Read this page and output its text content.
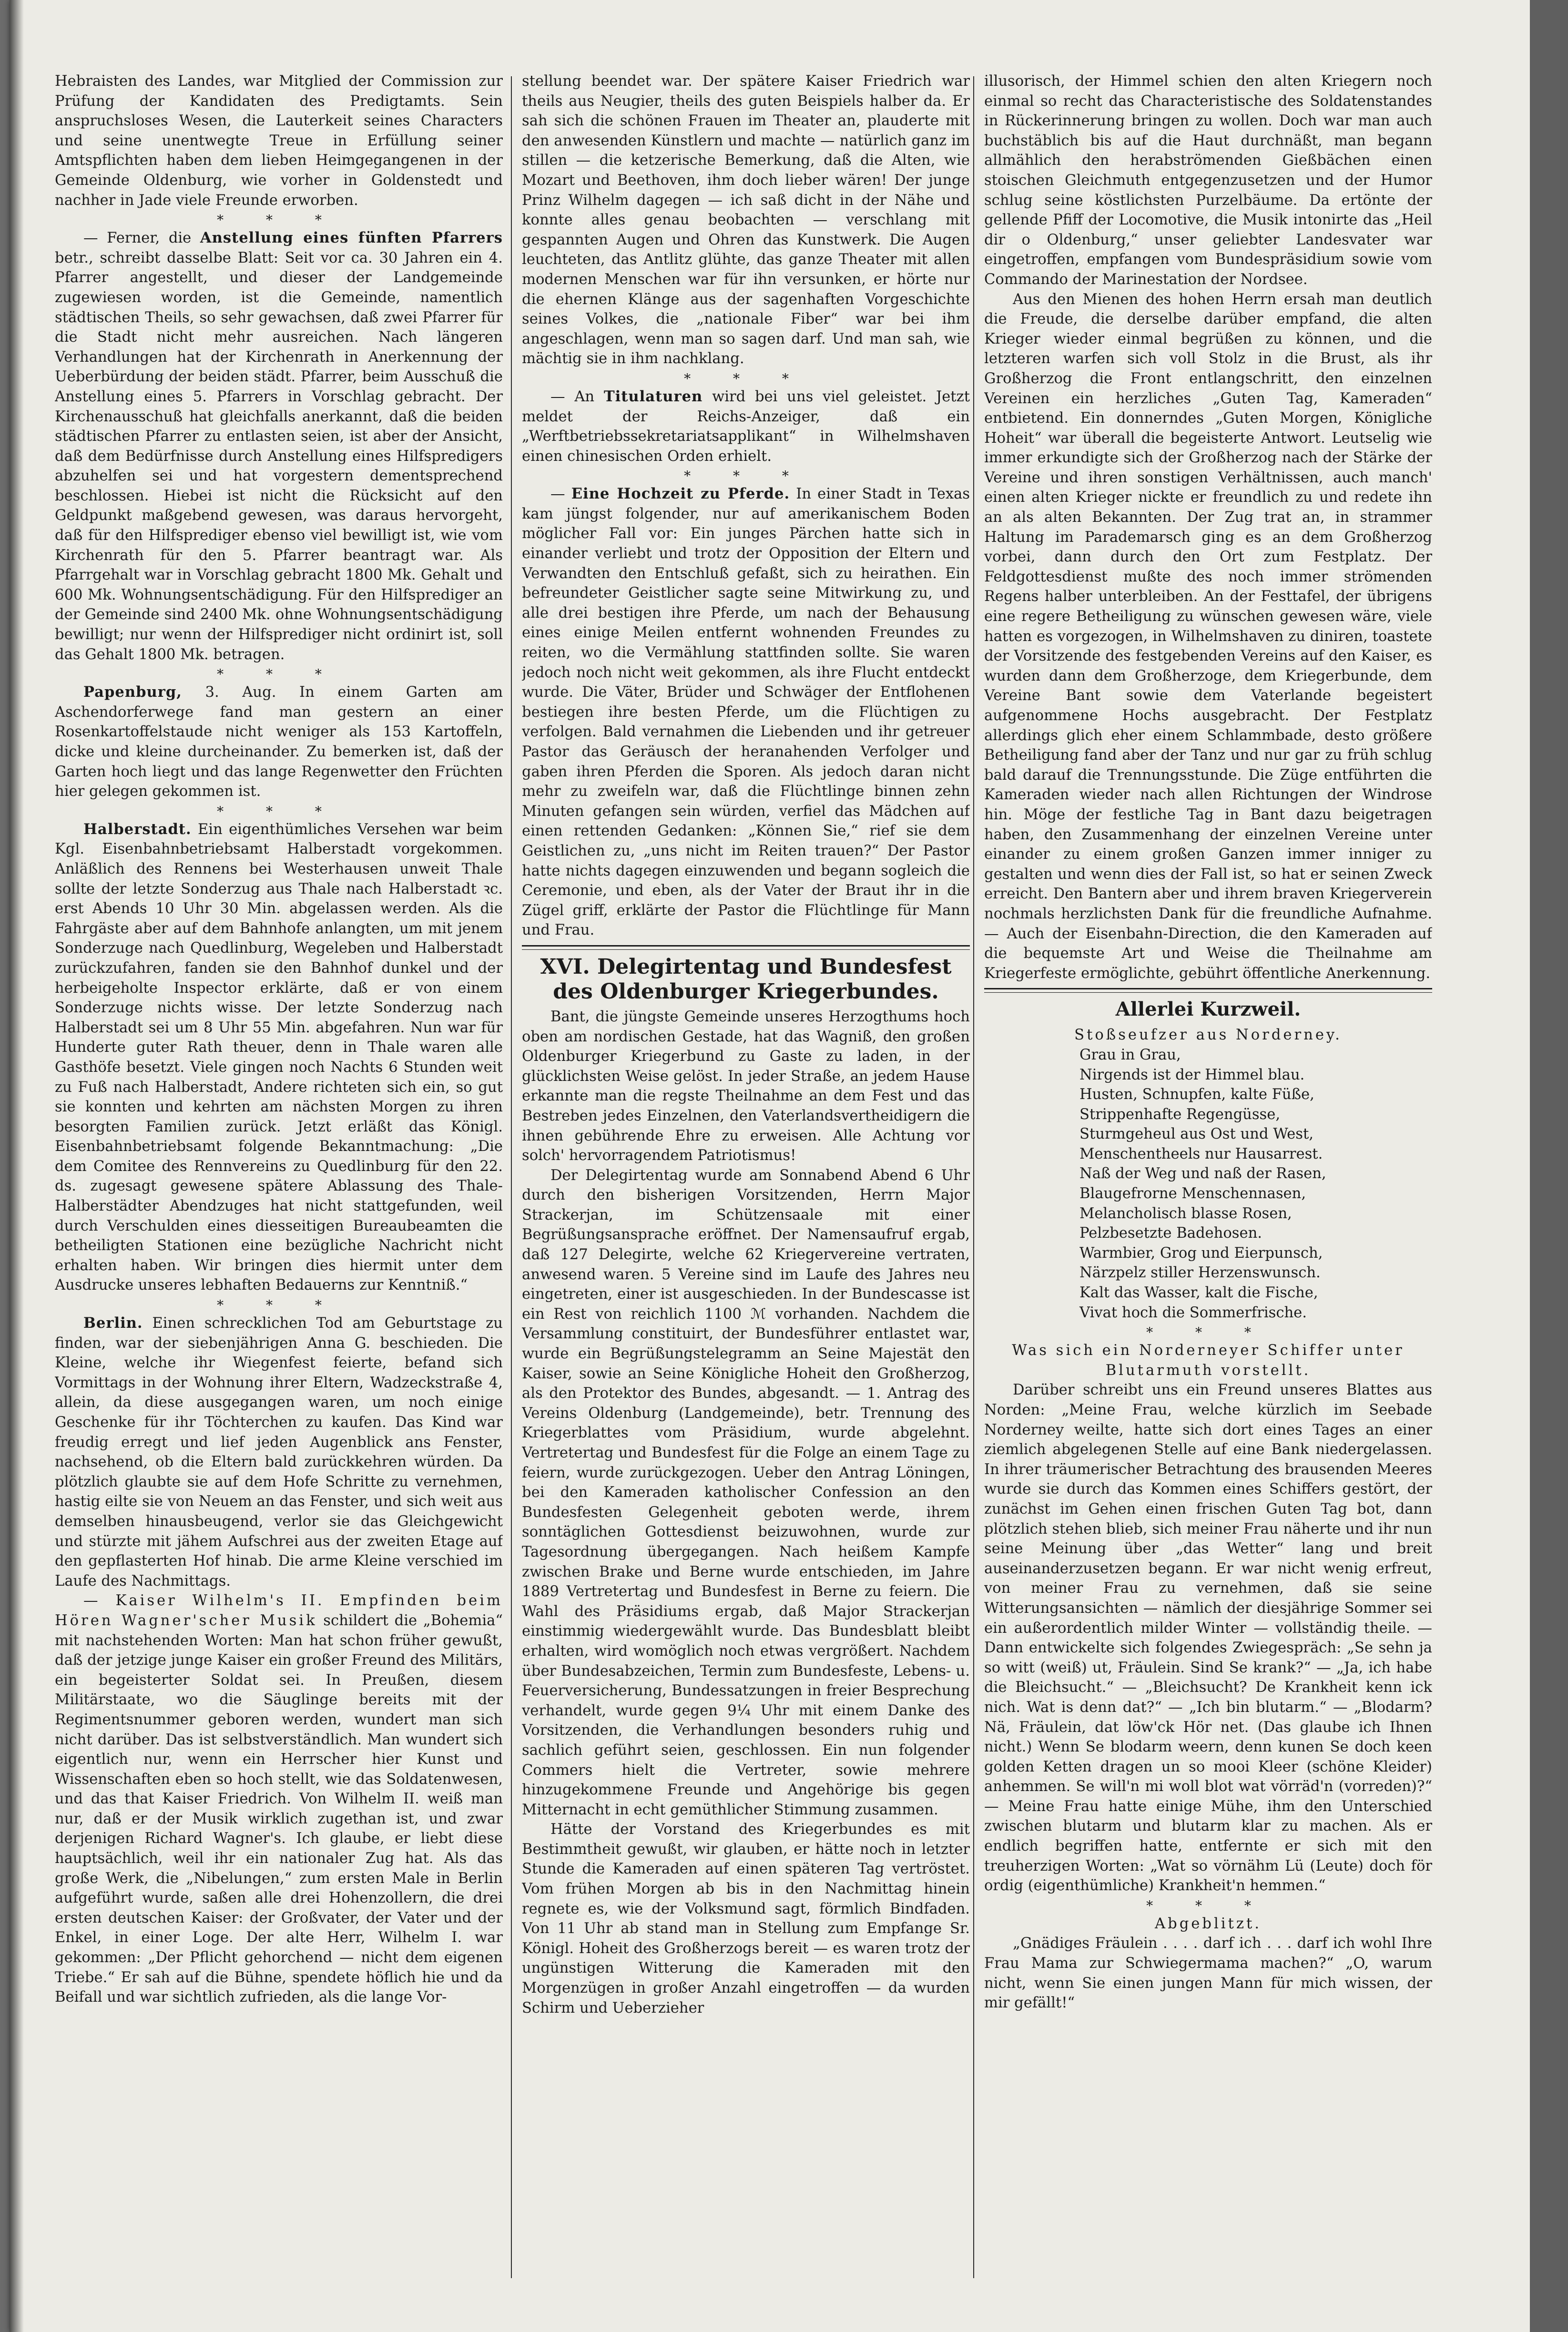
Hebraisten des Landes, war Mitglied der Commission zur Prüfung der Kandidaten des Predigtamts. Sein anspruchsloses Wesen, die Lauterkeit seines Characters und seine unentwegte Treue in Erfüllung seiner Amtspflichten haben dem lieben Heimgegangenen in der Gemeinde Oldenburg, wie vorher in Goldenstedt und nachher in Jade viele Freunde erworben.

* * *

— Ferner, die Anstellung eines fünften Pfarrers betr., schreibt dasselbe Blatt: Seit vor ca. 30 Jahren ein 4. Pfarrer angestellt, und dieser der Landgemeinde zugewiesen worden, ist die Gemeinde, namentlich städtischen Theils, so sehr gewachsen, daß zwei Pfarrer für die Stadt nicht mehr ausreichen. Nach längeren Verhandlungen hat der Kirchenrath in Anerkennung der Ueberbürdung der beiden städt. Pfarrer, beim Ausschuß die Anstellung eines 5. Pfarrers in Vorschlag gebracht. Der Kirchenausschuß hat gleichfalls anerkannt, daß die beiden städtischen Pfarrer zu entlasten seien, ist aber der Ansicht, daß dem Bedürfnisse durch Anstellung eines Hilfspredigers abzuhelfen sei und hat vorgestern dementsprechend beschlossen. Hiebei ist nicht die Rücksicht auf den Geldpunkt maßgebend gewesen, was daraus hervorgeht, daß für den Hilfsprediger ebenso viel bewilligt ist, wie vom Kirchenrath für den 5. Pfarrer beantragt war. Als Pfarrgehalt war in Vorschlag gebracht 1800 Mk. Gehalt und 600 Mk. Wohnungsentschädigung. Für den Hilfsprediger an der Gemeinde sind 2400 Mk. ohne Wohnungsentschädigung bewilligt; nur wenn der Hilfsprediger nicht ordinirt ist, soll das Gehalt 1800 Mk. betragen.

* * *

Papenburg, 3. Aug. In einem Garten am Aschendorferwege fand man gestern an einer Rosenkartoffelstaude nicht weniger als 153 Kartoffeln, dicke und kleine durcheinander. Zu bemerken ist, daß der Garten hoch liegt und das lange Regenwetter den Früchten hier gelegen gekommen ist.

* * *

Halberstadt. Ein eigenthümliches Versehen war beim Kgl. Eisenbahnbetriebsamt Halberstadt vorgekommen. Anläßlich des Rennens bei Westerhausen unweit Thale sollte der letzte Sonderzug aus Thale nach Halberstadt ꝛc. erst Abends 10 Uhr 30 Min. abgelassen werden. Als die Fahrgäste aber auf dem Bahnhofe anlangten, um mit jenem Sonderzuge nach Quedlinburg, Wegeleben und Halberstadt zurückzufahren, fanden sie den Bahnhof dunkel und der herbeigeholte Inspector erklärte, daß er von einem Sonderzuge nichts wisse. Der letzte Sonderzug nach Halberstadt sei um 8 Uhr 55 Min. abgefahren. Nun war für Hunderte guter Rath theuer, denn in Thale waren alle Gasthöfe besetzt. Viele gingen noch Nachts 6 Stunden weit zu Fuß nach Halberstadt, Andere richteten sich ein, so gut sie konnten und kehrten am nächsten Morgen zu ihren besorgten Familien zurück. Jetzt erläßt das Königl. Eisenbahnbetriebsamt folgende Bekanntmachung: „Die dem Comitee des Rennvereins zu Quedlinburg für den 22. ds. zugesagt gewesene spätere Ablassung des Thale-Halberstädter Abendzuges hat nicht stattgefunden, weil durch Verschulden eines diesseitigen Bureaubeamten die betheiligten Stationen eine bezügliche Nachricht nicht erhalten haben. Wir bringen dies hiermit unter dem Ausdrucke unseres lebhaften Bedauerns zur Kenntniß.“

* * *

Berlin. Einen schrecklichen Tod am Geburtstage zu finden, war der siebenjährigen Anna G. beschieden. Die Kleine, welche ihr Wiegenfest feierte, befand sich Vormittags in der Wohnung ihrer Eltern, Wadzeckstraße 4, allein, da diese ausgegangen waren, um noch einige Geschenke für ihr Töchterchen zu kaufen. Das Kind war freudig erregt und lief jeden Augenblick ans Fenster, nachsehend, ob die Eltern bald zurückkehren würden. Da plötzlich glaubte sie auf dem Hofe Schritte zu vernehmen, hastig eilte sie von Neuem an das Fenster, und sich weit aus demselben hinausbeugend, verlor sie das Gleichgewicht und stürzte mit jähem Aufschrei aus der zweiten Etage auf den gepflasterten Hof hinab. Die arme Kleine verschied im Laufe des Nachmittags.

— Kaiser Wilhelm's II. Empfinden beim Hören Wagner'scher Musik schildert die „Bohemia“ mit nachstehenden Worten: Man hat schon früher gewußt, daß der jetzige junge Kaiser ein großer Freund des Militärs, ein begeisterter Soldat sei. In Preußen, diesem Militärstaate, wo die Säuglinge bereits mit der Regimentsnummer geboren werden, wundert man sich nicht darüber. Das ist selbstverständlich. Man wundert sich eigentlich nur, wenn ein Herrscher hier Kunst und Wissenschaften eben so hoch stellt, wie das Soldatenwesen, und das that Kaiser Friedrich. Von Wilhelm II. weiß man nur, daß er der Musik wirklich zugethan ist, und zwar derjenigen Richard Wagner's. Ich glaube, er liebt diese hauptsächlich, weil ihr ein nationaler Zug hat. Als das große Werk, die „Nibelungen,“ zum ersten Male in Berlin aufgeführt wurde, saßen alle drei Hohenzollern, die drei ersten deutschen Kaiser: der Großvater, der Vater und der Enkel, in einer Loge. Der alte Herr, Wilhelm I. war gekommen: „Der Pflicht gehorchend — nicht dem eigenen Triebe.“ Er sah auf die Bühne, spendete höflich hie und da Beifall und war sichtlich zufrieden, als die lange Vor-

stellung beendet war. Der spätere Kaiser Friedrich war theils aus Neugier, theils des guten Beispiels halber da. Er sah sich die schönen Frauen im Theater an, plauderte mit den anwesenden Künstlern und machte — natürlich ganz im stillen — die ketzerische Bemerkung, daß die Alten, wie Mozart und Beethoven, ihm doch lieber wären! Der junge Prinz Wilhelm dagegen — ich saß dicht in der Nähe und konnte alles genau beobachten — verschlang mit gespannten Augen und Ohren das Kunstwerk. Die Augen leuchteten, das Antlitz glühte, das ganze Theater mit allen modernen Menschen war für ihn versunken, er hörte nur die ehernen Klänge aus der sagenhaften Vorgeschichte seines Volkes, die „nationale Fiber“ war bei ihm angeschlagen, wenn man so sagen darf. Und man sah, wie mächtig sie in ihm nachklang.

* * *

— An Titulaturen wird bei uns viel geleistet. Jetzt meldet der Reichs-Anzeiger, daß ein „Werftbetriebssekretariatsapplikant“ in Wilhelmshaven einen chinesischen Orden erhielt.

* * *

— Eine Hochzeit zu Pferde. In einer Stadt in Texas kam jüngst folgender, nur auf amerikanischem Boden möglicher Fall vor: Ein junges Pärchen hatte sich in einander verliebt und trotz der Opposition der Eltern und Verwandten den Entschluß gefaßt, sich zu heirathen. Ein befreundeter Geistlicher sagte seine Mitwirkung zu, und alle drei bestigen ihre Pferde, um nach der Behausung eines einige Meilen entfernt wohnenden Freundes zu reiten, wo die Vermählung stattfinden sollte. Sie waren jedoch noch nicht weit gekommen, als ihre Flucht entdeckt wurde. Die Väter, Brüder und Schwäger der Entflohenen bestiegen ihre besten Pferde, um die Flüchtigen zu verfolgen. Bald vernahmen die Liebenden und ihr getreuer Pastor das Geräusch der heranahenden Verfolger und gaben ihren Pferden die Sporen. Als jedoch daran nicht mehr zu zweifeln war, daß die Flüchtlinge binnen zehn Minuten gefangen sein würden, verfiel das Mädchen auf einen rettenden Gedanken: „Können Sie,“ rief sie dem Geistlichen zu, „uns nicht im Reiten trauen?“ Der Pastor hatte nichts dagegen einzuwenden und begann sogleich die Ceremonie, und eben, als der Vater der Braut ihr in die Zügel griff, erklärte der Pastor die Flüchtlinge für Mann und Frau.

XVI. Delegirtentag und Bundesfest
des Oldenburger Kriegerbundes.

Bant, die jüngste Gemeinde unseres Herzogthums hoch oben am nordischen Gestade, hat das Wagniß, den großen Oldenburger Kriegerbund zu Gaste zu laden, in der glücklichsten Weise gelöst. In jeder Straße, an jedem Hause erkannte man die regste Theilnahme an dem Fest und das Bestreben jedes Einzelnen, den Vaterlandsvertheidigern die ihnen gebührende Ehre zu erweisen. Alle Achtung vor solch' hervorragendem Patriotismus!

Der Delegirtentag wurde am Sonnabend Abend 6 Uhr durch den bisherigen Vorsitzenden, Herrn Major Strackerjan, im Schützensaale mit einer Begrüßungsansprache eröffnet. Der Namensaufruf ergab, daß 127 Delegirte, welche 62 Kriegervereine vertraten, anwesend waren. 5 Vereine sind im Laufe des Jahres neu eingetreten, einer ist ausgeschieden. In der Bundescasse ist ein Rest von reichlich 1100 ℳ vorhanden. Nachdem die Versammlung constituirt, der Bundesführer entlastet war, wurde ein Begrüßungstelegramm an Seine Majestät den Kaiser, sowie an Seine Königliche Hoheit den Großherzog, als den Protektor des Bundes, abgesandt. — 1. Antrag des Vereins Oldenburg (Landgemeinde), betr. Trennung des Kriegerblattes vom Präsidium, wurde abgelehnt. Vertretertag und Bundesfest für die Folge an einem Tage zu feiern, wurde zurückgezogen. Ueber den Antrag Löningen, bei den Kameraden katholischer Confession an den Bundesfesten Gelegenheit geboten werde, ihrem sonntäglichen Gottesdienst beizuwohnen, wurde zur Tagesordnung übergegangen. Nach heißem Kampfe zwischen Brake und Berne wurde entschieden, im Jahre 1889 Vertretertag und Bundesfest in Berne zu feiern. Die Wahl des Präsidiums ergab, daß Major Strackerjan einstimmig wiedergewählt wurde. Das Bundesblatt bleibt erhalten, wird womöglich noch etwas vergrößert. Nachdem über Bundesabzeichen, Termin zum Bundesfeste, Lebens- u. Feuerversicherung, Bundessatzungen in freier Besprechung verhandelt, wurde gegen 9¼ Uhr mit einem Danke des Vorsitzenden, die Verhandlungen besonders ruhig und sachlich geführt seien, geschlossen. Ein nun folgender Commers hielt die Vertreter, sowie mehrere hinzugekommene Freunde und Angehörige bis gegen Mitternacht in echt gemüthlicher Stimmung zusammen.

Hätte der Vorstand des Kriegerbundes es mit Bestimmtheit gewußt, wir glauben, er hätte noch in letzter Stunde die Kameraden auf einen späteren Tag vertröstet. Vom frühen Morgen ab bis in den Nachmittag hinein regnete es, wie der Volksmund sagt, förmlich Bindfaden. Von 11 Uhr ab stand man in Stellung zum Empfange Sr. Königl. Hoheit des Großherzogs bereit — es waren trotz der ungünstigen Witterung die Kameraden mit den Morgenzügen in großer Anzahl eingetroffen — da wurden Schirm und Ueberzieher

illusorisch, der Himmel schien den alten Kriegern noch einmal so recht das Characteristische des Soldatenstandes in Rückerinnerung bringen zu wollen. Doch war man auch buchstäblich bis auf die Haut durchnäßt, man begann allmählich den herabströmenden Gießbächen einen stoischen Gleichmuth entgegenzusetzen und der Humor schlug seine köstlichsten Purzelbäume. Da ertönte der gellende Pfiff der Locomotive, die Musik intonirte das „Heil dir o Oldenburg,“ unser geliebter Landesvater war eingetroffen, empfangen vom Bundespräsidium sowie vom Commando der Marinestation der Nordsee.

Aus den Mienen des hohen Herrn ersah man deutlich die Freude, die derselbe darüber empfand, die alten Krieger wieder einmal begrüßen zu können, und die letzteren warfen sich voll Stolz in die Brust, als ihr Großherzog die Front entlangschritt, den einzelnen Vereinen ein herzliches „Guten Tag, Kameraden“ entbietend. Ein donnerndes „Guten Morgen, Königliche Hoheit“ war überall die begeisterte Antwort. Leutselig wie immer erkundigte sich der Großherzog nach der Stärke der Vereine und ihren sonstigen Verhältnissen, auch manch' einen alten Krieger nickte er freundlich zu und redete ihn an als alten Bekannten. Der Zug trat an, in strammer Haltung im Parademarsch ging es an dem Großherzog vorbei, dann durch den Ort zum Festplatz. Der Feldgottesdienst mußte des noch immer strömenden Regens halber unterbleiben. An der Festtafel, der übrigens eine regere Betheiligung zu wünschen gewesen wäre, viele hatten es vorgezogen, in Wilhelmshaven zu diniren, toastete der Vorsitzende des festgebenden Vereins auf den Kaiser, es wurden dann dem Großherzoge, dem Kriegerbunde, dem Vereine Bant sowie dem Vaterlande begeistert aufgenommene Hochs ausgebracht. Der Festplatz allerdings glich eher einem Schlammbade, desto größere Betheiligung fand aber der Tanz und nur gar zu früh schlug bald darauf die Trennungsstunde. Die Züge entführten die Kameraden wieder nach allen Richtungen der Windrose hin. Möge der festliche Tag in Bant dazu beigetragen haben, den Zusammenhang der einzelnen Vereine unter einander zu einem großen Ganzen immer inniger zu gestalten und wenn dies der Fall ist, so hat er seinen Zweck erreicht. Den Bantern aber und ihrem braven Kriegerverein nochmals herzlichsten Dank für die freundliche Aufnahme. — Auch der Eisenbahn-Direction, die den Kameraden auf die bequemste Art und Weise die Theilnahme am Kriegerfeste ermöglichte, gebührt öffentliche Anerkennung.

Allerlei Kurzweil.
Stoßseufzer aus Norderney.
Grau in Grau,
Nirgends ist der Himmel blau.
Husten, Schnupfen, kalte Füße,
Strippenhafte Regengüsse,
Sturmgeheul aus Ost und West,
Menschentheels nur Hausarrest.
Naß der Weg und naß der Rasen,
Blaugefrorne Menschennasen,
Melancholisch blasse Rosen,
Pelzbesetzte Badehosen.
Warmbier, Grog und Eierpunsch,
Närzpelz stiller Herzenswunsch.
Kalt das Wasser, kalt die Fische,
Vivat hoch die Sommerfrische.
* * *
Was sich ein Norderneyer Schiffer unter
Blutarmuth vorstellt.

Darüber schreibt uns ein Freund unseres Blattes aus Norden: „Meine Frau, welche kürzlich im Seebade Norderney weilte, hatte sich dort eines Tages an einer ziemlich abgelegenen Stelle auf eine Bank niedergelassen. In ihrer träumerischer Betrachtung des brausenden Meeres wurde sie durch das Kommen eines Schiffers gestört, der zunächst im Gehen einen frischen Guten Tag bot, dann plötzlich stehen blieb, sich meiner Frau näherte und ihr nun seine Meinung über „das Wetter“ lang und breit auseinanderzusetzen begann. Er war nicht wenig erfreut, von meiner Frau zu vernehmen, daß sie seine Witterungsansichten — nämlich der diesjährige Sommer sei ein außerordentlich milder Winter — vollständig theile. — Dann entwickelte sich folgendes Zwiegespräch: „Se sehn ja so witt (weiß) ut, Fräulein. Sind Se krank?“ — „Ja, ich habe die Bleichsucht.“ — „Bleichsucht? De Krankheit kenn ick nich. Wat is denn dat?“ — „Ich bin blutarm.“ — „Blodarm? Nä, Fräulein, dat löw'ck Hör net. (Das glaube ich Ihnen nicht.) Wenn Se blodarm weern, denn kunen Se doch keen golden Ketten dragen un so mooi Kleer (schöne Kleider) anhemmen. Se will'n mi woll blot wat vörräd'n (vorreden)?“ — Meine Frau hatte einige Mühe, ihm den Unterschied zwischen blutarm und blutarm klar zu machen. Als er endlich begriffen hatte, entfernte er sich mit den treuherzigen Worten: „Wat so vörnähm Lü (Leute) doch för ordig (eigenthümliche) Krankheit'n hemmen.“

* * *
Abgeblitzt.

„Gnädiges Fräulein . . . . darf ich . . . darf ich wohl Ihre Frau Mama zur Schwiegermama machen?“ „O, warum nicht, wenn Sie einen jungen Mann für mich wissen, der mir gefällt!“
